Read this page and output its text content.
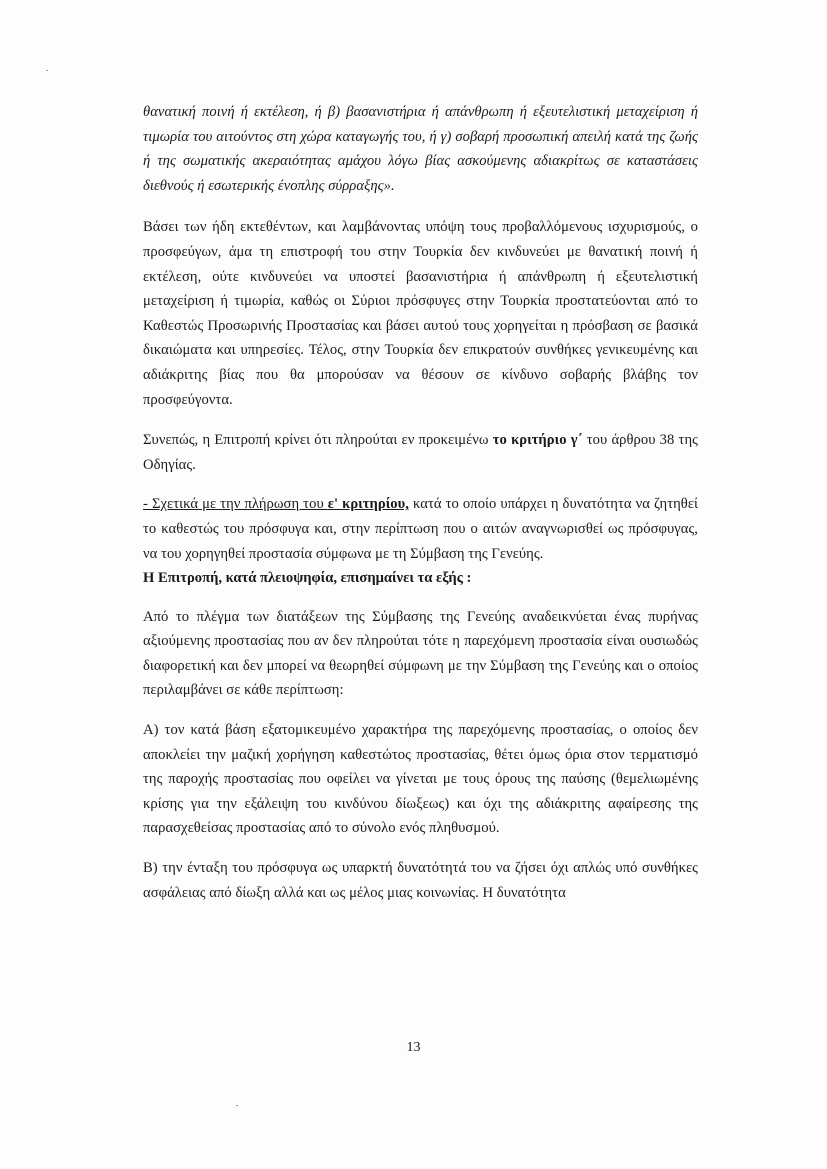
θανατική ποινή ή εκτέλεση, ή β) βασανιστήρια ή απάνθρωπη ή εξευτελιστική μεταχείριση ή τιμωρία του αιτούντος στη χώρα καταγωγής του, ή γ) σοβαρή προσωπική απειλή κατά της ζωής ή της σωματικής ακεραιότητας αμάχου λόγω βίας ασκούμενης αδιακρίτως σε καταστάσεις διεθνούς ή εσωτερικής ένοπλης σύρραξης».

Βάσει των ήδη εκτεθέντων, και λαμβάνοντας υπόψη τους προβαλλόμενους ισχυρισμούς, ο προσφεύγων, άμα τη επιστροφή του στην Τουρκία δεν κινδυνεύει με θανατική ποινή ή εκτέλεση, ούτε κινδυνεύει να υποστεί βασανιστήρια ή απάνθρωπη ή εξευτελιστική μεταχείριση ή τιμωρία, καθώς οι Σύριοι πρόσφυγες στην Τουρκία προστατεύονται από το Καθεστώς Προσωρινής Προστασίας και βάσει αυτού τους χορηγείται η πρόσβαση σε βασικά δικαιώματα και υπηρεσίες. Τέλος, στην Τουρκία δεν επικρατούν συνθήκες γενικευμένης και αδιάκριτης βίας που θα μπορούσαν να θέσουν σε κίνδυνο σοβαρής βλάβης τον προσφεύγοντα.

Συνεπώς, η Επιτροπή κρίνει ότι πληρούται εν προκειμένω το κριτήριο γ΄ του άρθρου 38 της Οδηγίας.

- Σχετικά με την πλήρωση του ε' κριτηρίου, κατά το οποίο υπάρχει η δυνατότητα να ζητηθεί το καθεστώς του πρόσφυγα και, στην περίπτωση που ο αιτών αναγνωρισθεί ως πρόσφυγας, να του χορηγηθεί προστασία σύμφωνα με τη Σύμβαση της Γενεύης.

Η Επιτροπή, κατά πλειοψηφία, επισημαίνει τα εξής :

Από το πλέγμα των διατάξεων της Σύμβασης της Γενεύης αναδεικνύεται ένας πυρήνας αξιούμενης προστασίας που αν δεν πληρούται τότε η παρεχόμενη προστασία είναι ουσιωδώς διαφορετική και δεν μπορεί να θεωρηθεί σύμφωνη με την Σύμβαση της Γενεύης και ο οποίος περιλαμβάνει σε κάθε περίπτωση:

Α) τον κατά βάση εξατομικευμένο χαρακτήρα της παρεχόμενης προστασίας, ο οποίος δεν αποκλείει την μαζική χορήγηση καθεστώτος προστασίας, θέτει όμως όρια στον τερματισμό της παροχής προστασίας που οφείλει να γίνεται με τους όρους της παύσης (θεμελιωμένης κρίσης για την εξάλειψη του κινδύνου δίωξεως) και όχι της αδιάκριτης αφαίρεσης της παρασχεθείσας προστασίας από το σύνολο ενός πληθυσμού.

Β) την ένταξη του πρόσφυγα ως υπαρκτή δυνατότητά του να ζήσει όχι απλώς υπό συνθήκες ασφάλειας από δίωξη αλλά και ως μέλος μιας κοινωνίας. Η δυνατότητα

13
